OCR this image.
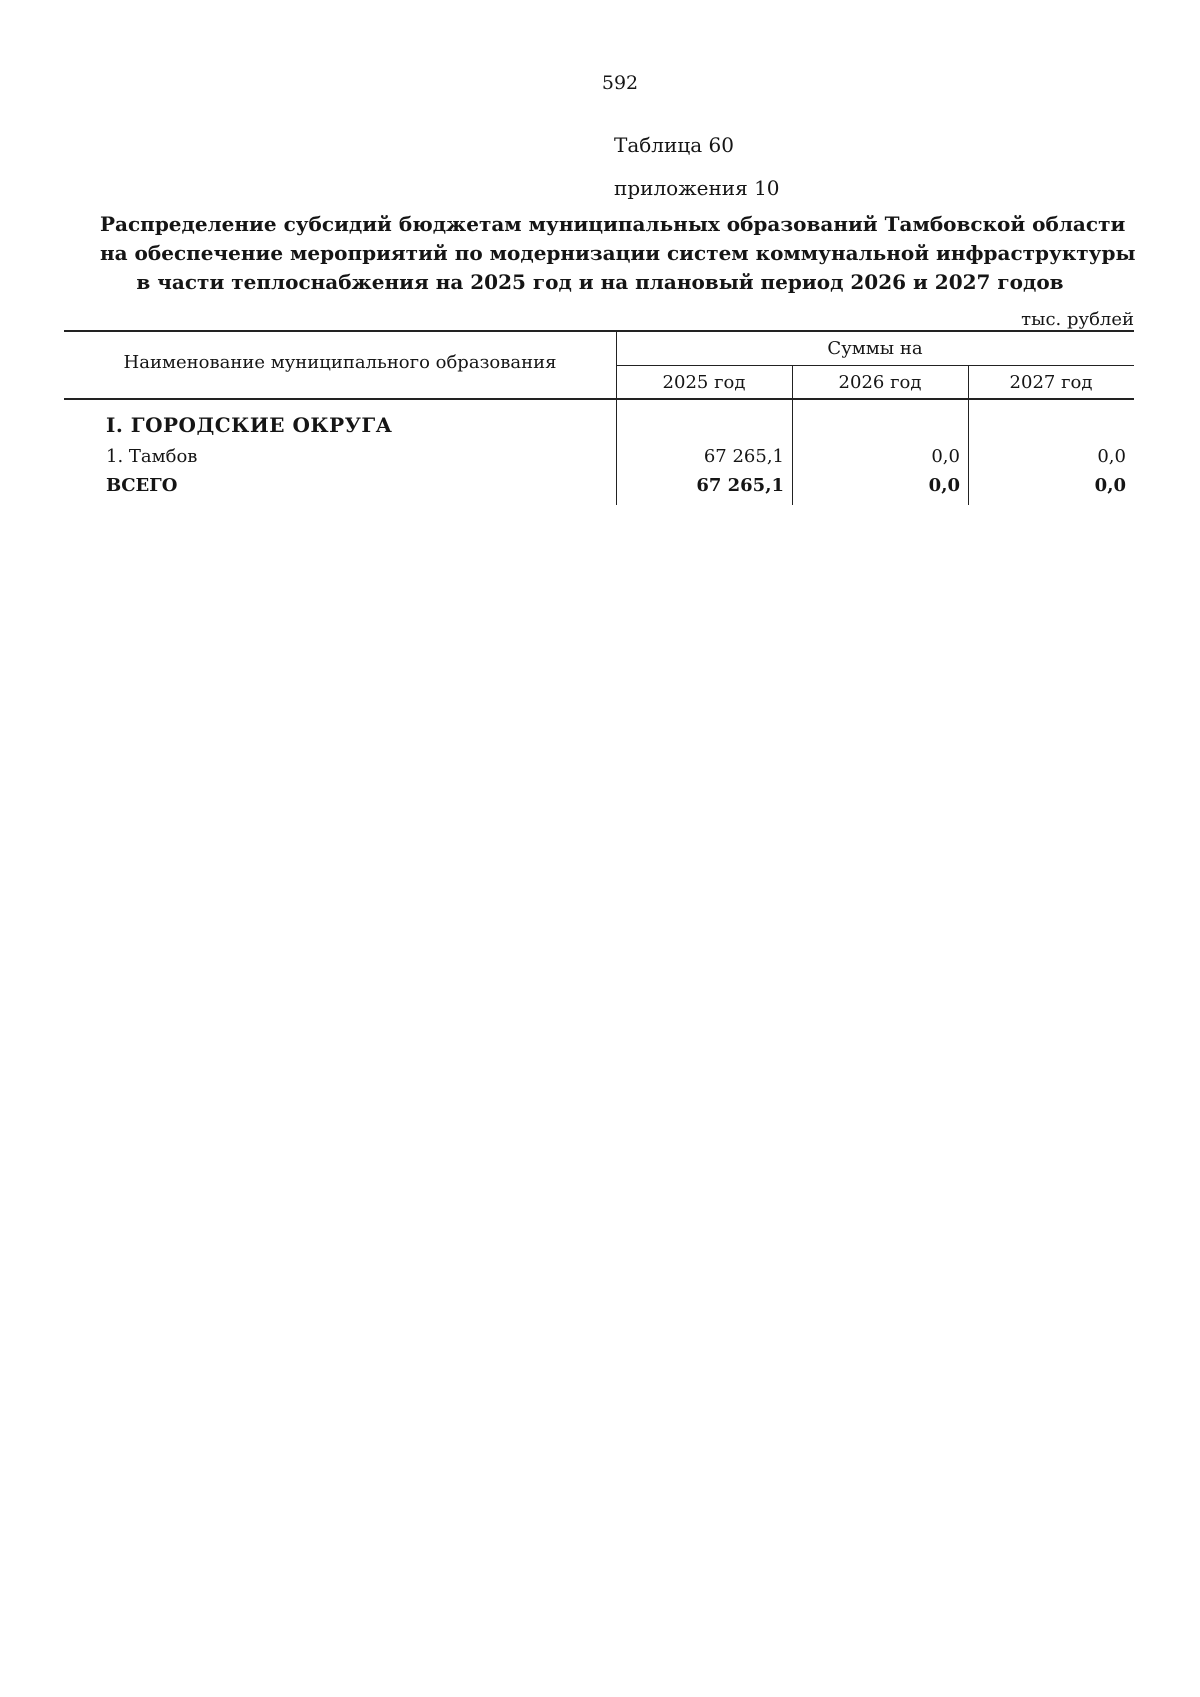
592
Таблица 60
приложения 10
Распределение субсидий бюджетам муниципальных образований Тамбовской области
на обеспечение мероприятий по модернизации систем коммунальной инфраструктуры
в части теплоснабжения на 2025 год и на плановый период 2026 и 2027 годов
тыс. рублей
Наименование муниципального образования
Суммы на
2025 год	2026 год	2027 год
I. ГОРОДСКИЕ ОКРУГА
1. Тамбов	67 265,1	0,0	0,0
ВСЕГО	67 265,1	0,0	0,0
